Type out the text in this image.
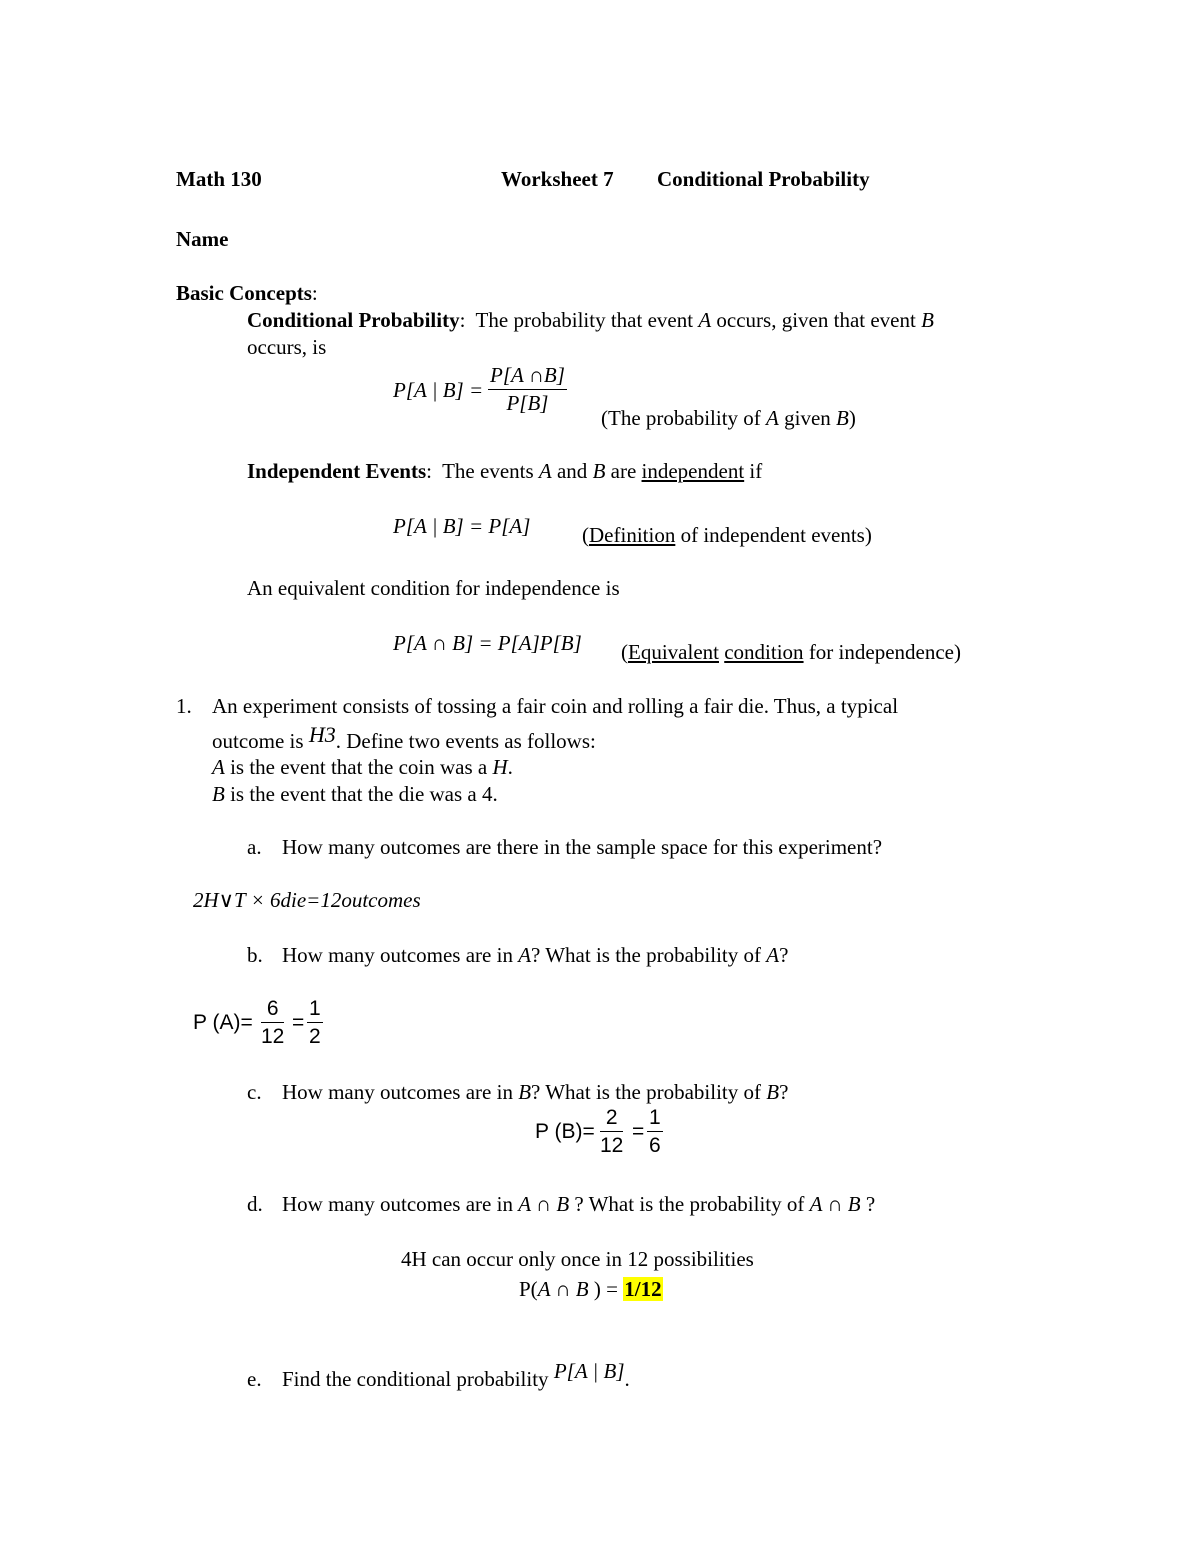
Math 130	Worksheet 7 Conditional Probability
Name
Basic Concepts:
Conditional Probability:  The probability that event A occurs, given that event B
occurs, is
P[A | $B] = \frac{P[A \cap B]}{P[B]}$
(The probability of A given B)
Independent Events:  The events A and B are independent if
P[A | B] = P[A] (Definition of independent events)
An equivalent condition for independence is
P[A ∩ B] = P[A]P[B] (Equivalent condition for independence)
1. An experiment consists of tossing a fair coin and rolling a fair die. Thus, a typical
outcome is H3. Define two events as follows:
A is the event that the coin was a H.
B is the event that the die was a 4.
a. How many outcomes are there in the sample space for this experiment?
2H∨T × 6die=12outcomes
b. How many outcomes are in A? What is the probability of A?
P $(A)= \frac{6}{12} = \frac{1}{2}$
c. How many outcomes are in B? What is the probability of B?
P $(B)= \frac{2}{12} = \frac{1}{6}$
d. How many outcomes are in A ∩ B ? What is the probability of A ∩ B ?
4H can occur only once in 12 possibilities
P(A ∩ B ) = 1/12
e. Find the conditional probability P[A | B].
